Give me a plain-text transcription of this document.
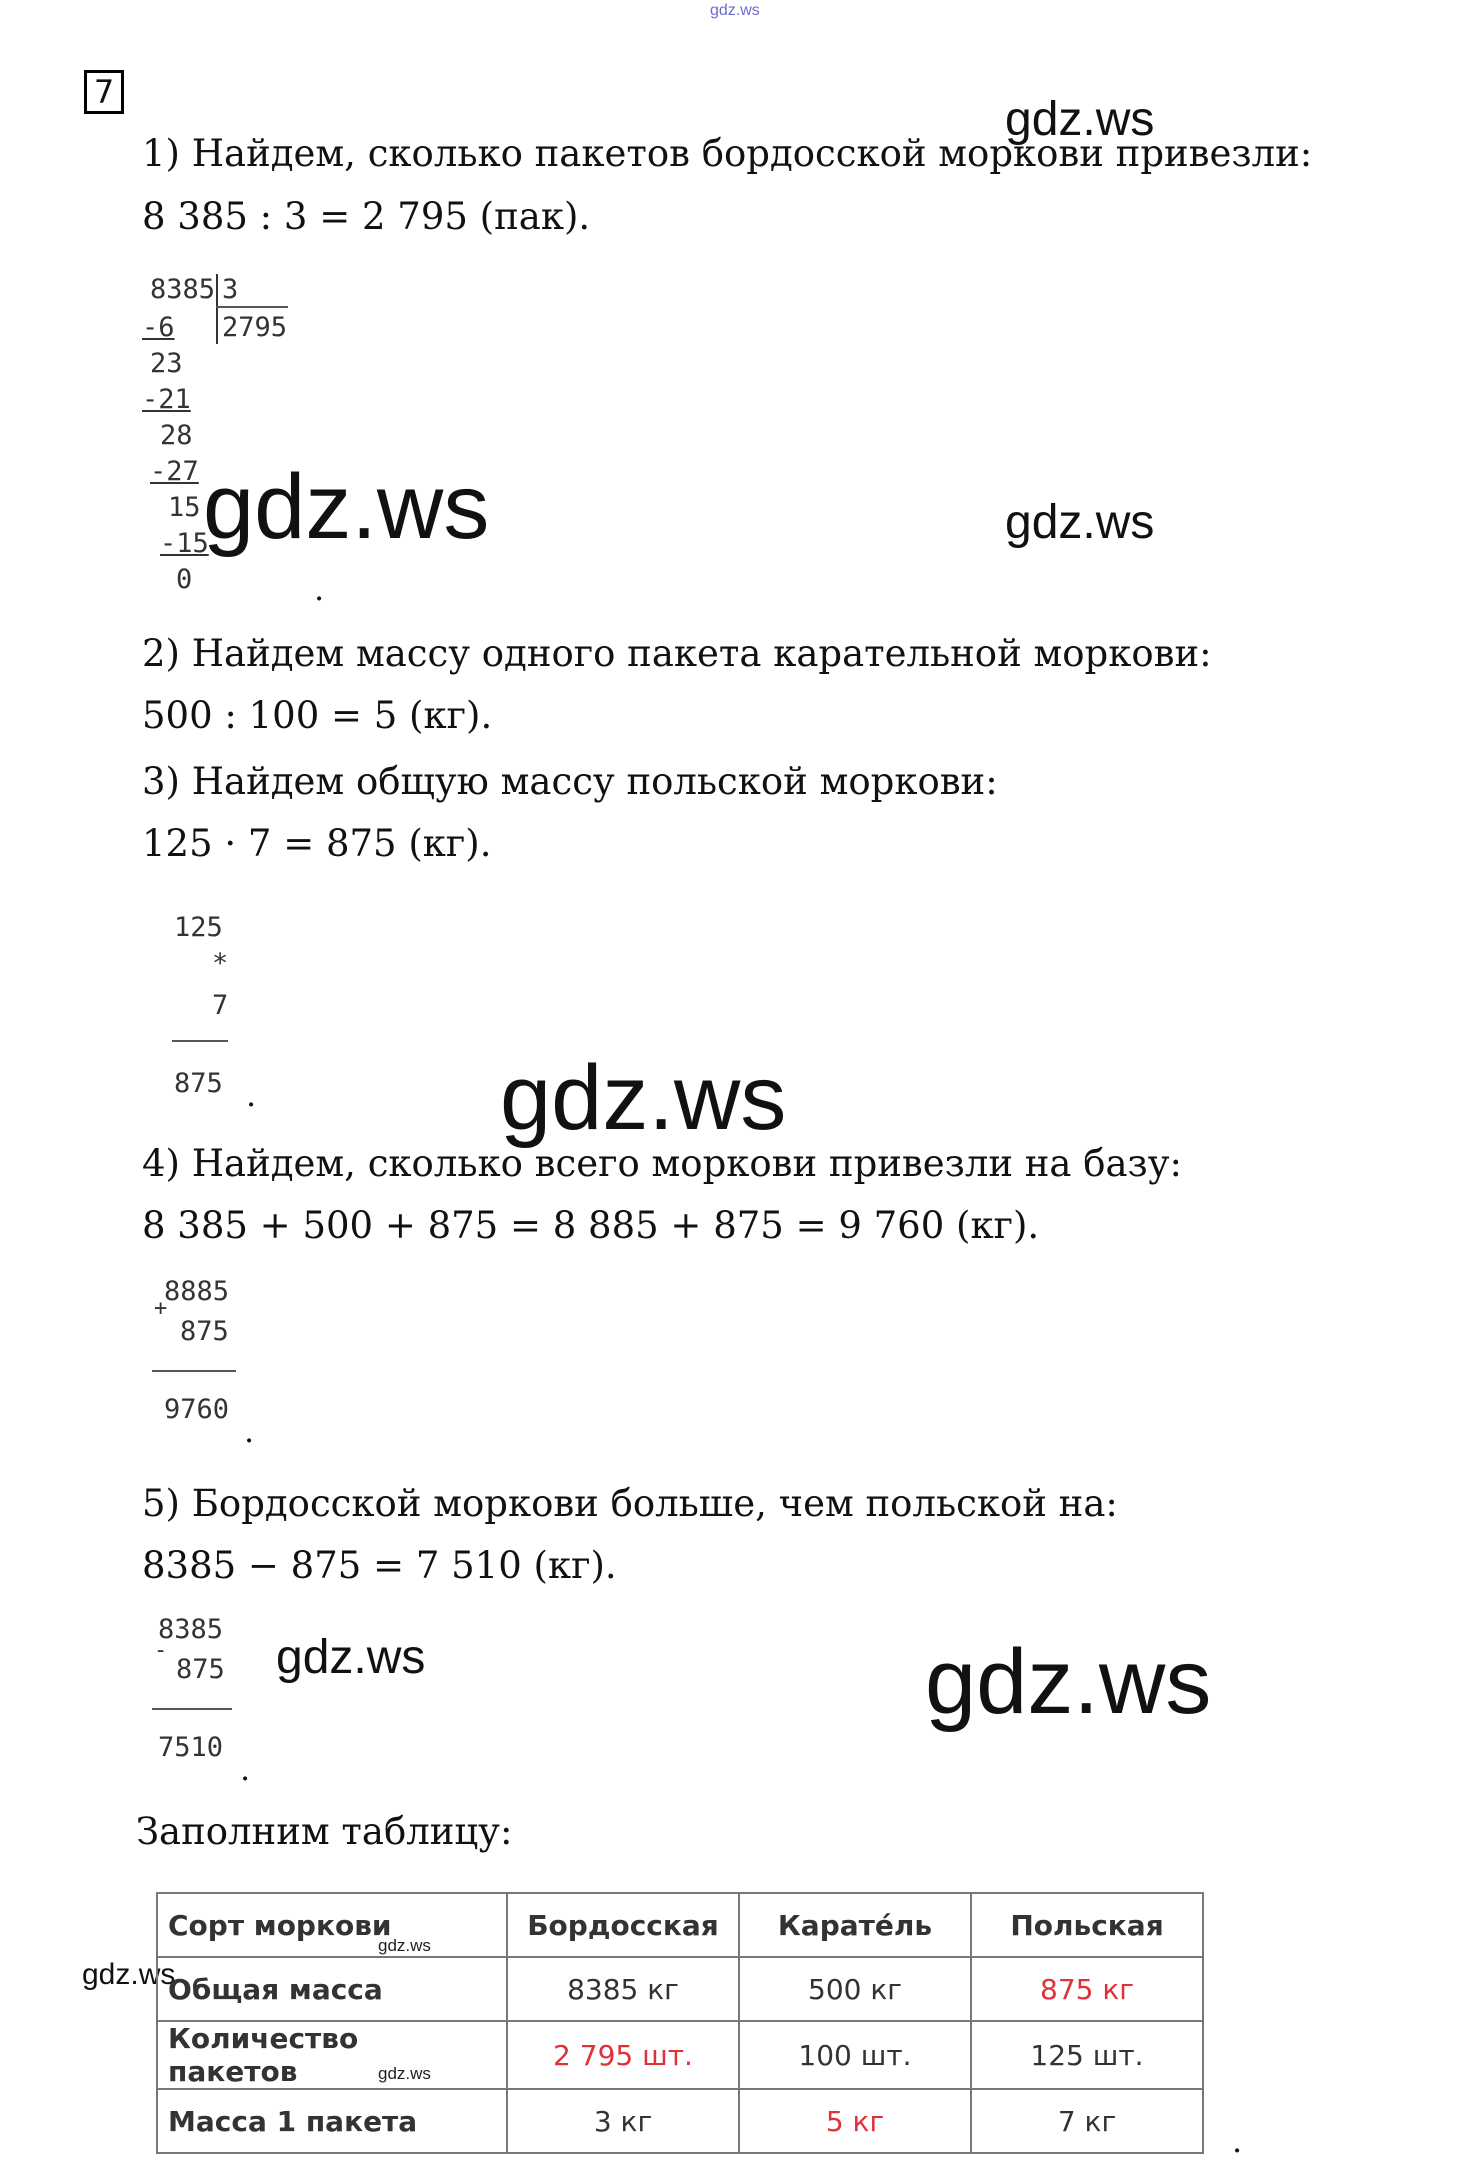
gdz.ws
7
gdz.ws
gdz.ws	gdz.ws
gdz.ws
gdz.ws	gdz.ws
gdz.ws
1) Найдем, сколько пакетов бордосской моркови привезли:
8 385 : 3 = 2 795 (пак).
8385 3
2795
-6
23
-21
28
-27
15
-15
0	.
2) Найдем массу одного пакета карательной моркови:
500 : 100 = 5 (кг).
3) Найдем общую массу польской моркови:
125 · 7 = 875 (кг).
125
*
7
875 .
4) Найдем, сколько всего моркови привезли на базу:
8 385 + 500 + 875 = 8 885 + 875 = 9 760 (кг).
8885
+
875
9760
.
5) Бордосской моркови больше, чем польской на:
8385 − 875 = 7 510 (кг).
8385
-
875
7510
.
Заполним таблицу:
Сорт моркови	Бордосская	Каратéль	Польская
Общая масса	8385 кг	500 кг	875 кг
Количество пакетов	2 795 шт.	100 шт.	125 шт.
Масса 1 пакета	3 кг	5 кг	7 кг
gdz.ws
gdz.ws
.
